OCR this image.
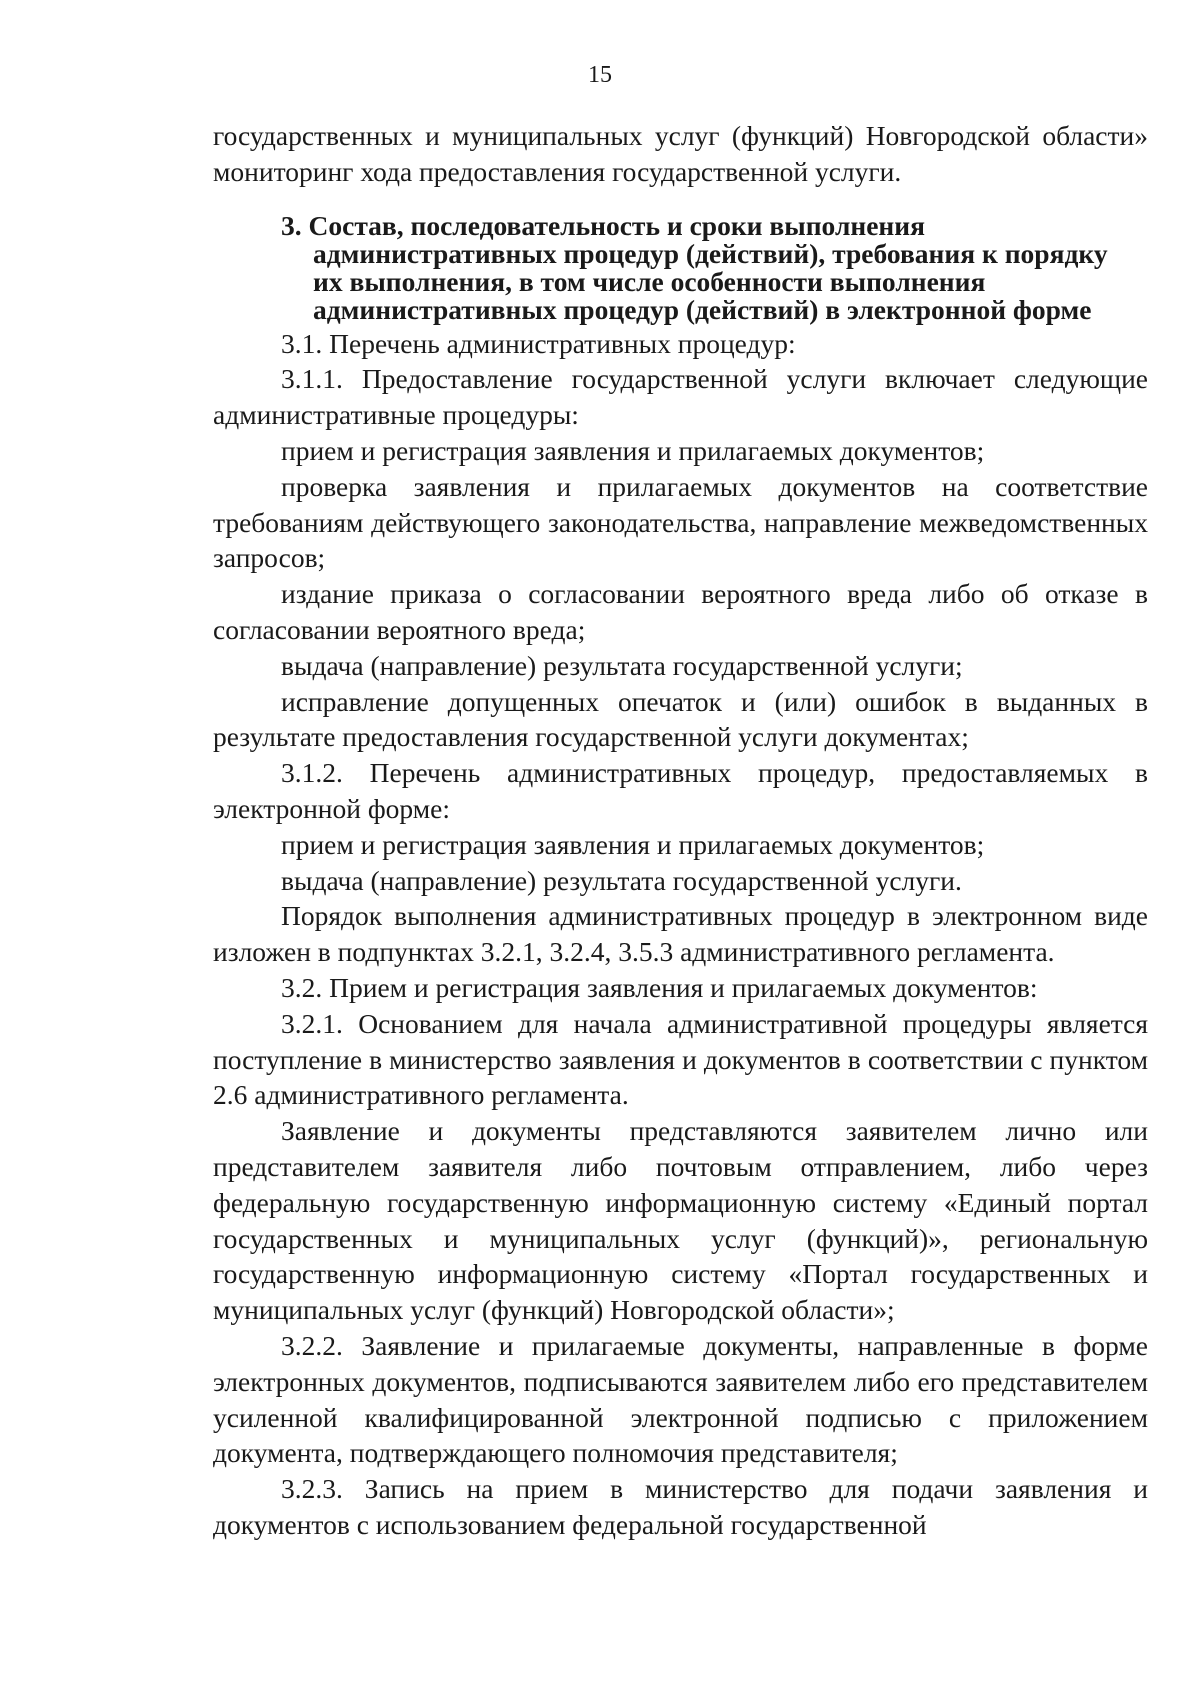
15

государственных и муниципальных услуг (функций) Новгородской области» мониторинг хода предоставления государственной услуги.

3. Состав, последовательность и сроки выполнения
административных процедур (действий), требования к порядку
их выполнения, в том числе особенности выполнения
административных процедур (действий) в электронной форме

3.1. Перечень административных процедур:

3.1.1. Предоставление государственной услуги включает следующие административные процедуры:

прием и регистрация заявления и прилагаемых документов;

проверка заявления и прилагаемых документов на соответствие требованиям действующего законодательства, направление межведомственных запросов;

издание приказа о согласовании вероятного вреда либо об отказе в согласовании вероятного вреда;

выдача (направление) результата государственной услуги;

исправление допущенных опечаток и (или) ошибок в выданных в результате предоставления государственной услуги документах;

3.1.2. Перечень административных процедур, предоставляемых в электронной форме:

прием и регистрация заявления и прилагаемых документов;

выдача (направление) результата государственной услуги.

Порядок выполнения административных процедур в электронном виде изложен в подпунктах 3.2.1, 3.2.4, 3.5.3 административного регламента.

3.2. Прием и регистрация заявления и прилагаемых документов:

3.2.1. Основанием для начала административной процедуры является поступление в министерство заявления и документов в соответствии с пунктом 2.6 административного регламента.

Заявление и документы представляются заявителем лично или представителем заявителя либо почтовым отправлением, либо через федеральную государственную информационную систему «Единый портал государственных и муниципальных услуг (функций)», региональную государственную информационную систему «Портал государственных и муниципальных услуг (функций) Новгородской области»;

3.2.2. Заявление и прилагаемые документы, направленные в форме электронных документов, подписываются заявителем либо его представителем усиленной квалифицированной электронной подписью с приложением документа, подтверждающего полномочия представителя;

3.2.3. Запись на прием в министерство для подачи заявления и документов с использованием федеральной государственной
